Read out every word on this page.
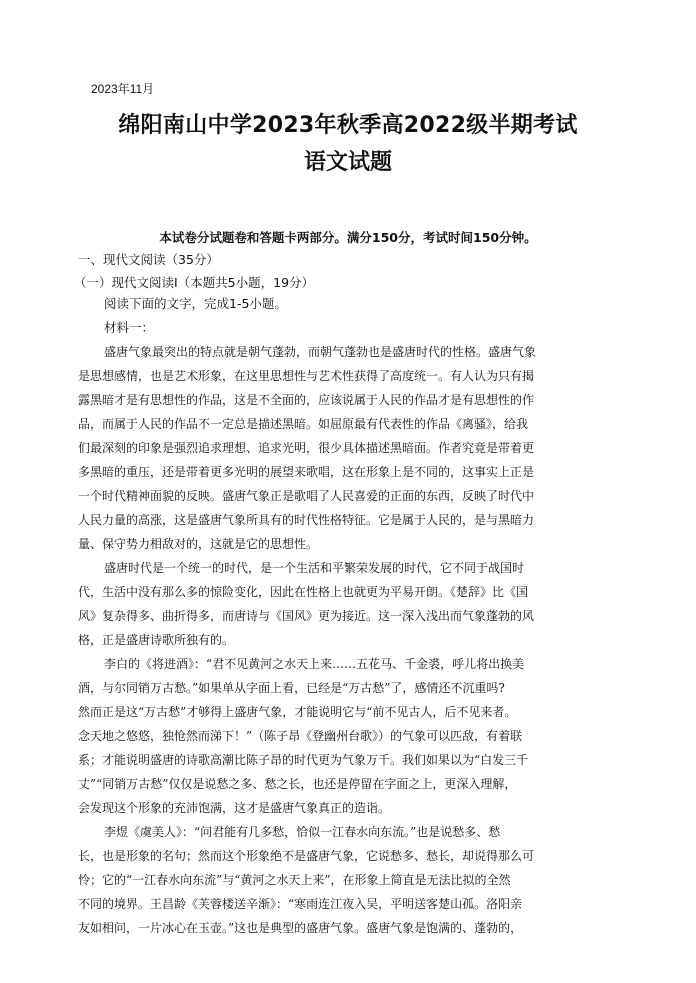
2023年11月
绵阳南山中学2023年秋季高2022级半期考试
语文试题
本试卷分试题卷和答题卡两部分。满分150分，考试时间150分钟。
一、现代文阅读（35分）
（一）现代文阅读Ⅰ（本题共5小题，19分）
阅读下面的文字，完成1-5小题。
材料一：
盛唐气象最突出的特点就是朝气蓬勃，而朝气蓬勃也是盛唐时代的性格。盛唐气象
是思想感情，也是艺术形象，在这里思想性与艺术性获得了高度统一。有人认为只有揭
露黑暗才是有思想性的作品，这是不全面的，应该说属于人民的作品才是有思想性的作
品，而属于人民的作品不一定总是描述黑暗。如屈原最有代表性的作品《离骚》，给我
们最深刻的印象是强烈追求理想、追求光明，很少具体描述黑暗面。作者究竟是带着更
多黑暗的重压，还是带着更多光明的展望来歌唱，这在形象上是不同的，这事实上正是
一个时代精神面貌的反映。盛唐气象正是歌唱了人民喜爱的正面的东西，反映了时代中
人民力量的高涨，这是盛唐气象所具有的时代性格特征。它是属于人民的，是与黑暗力
量、保守势力相敌对的，这就是它的思想性。
盛唐时代是一个统一的时代，是一个生活和平繁荣发展的时代，它不同于战国时
代，生活中没有那么多的惊险变化，因此在性格上也就更为平易开朗。《楚辞》比《国
风》复杂得多、曲折得多，而唐诗与《国风》更为接近。这一深入浅出而气象蓬勃的风
格，正是盛唐诗歌所独有的。
李白的《将进酒》：“君不见黄河之水天上来……五花马、千金裘，呼儿将出换美
酒，与尔同销万古愁。”如果单从字面上看，已经是“万古愁”了，感情还不沉重吗?
然而正是这“万古愁”才够得上盛唐气象，才能说明它与“前不见古人，后不见来者。
念天地之悠悠，独怆然而涕下！”（陈子昂《登幽州台歌》）的气象可以匹敌，有着联
系；才能说明盛唐的诗歌高潮比陈子昂的时代更为气象万千。我们如果以为“白发三千
丈”“同销万古愁”仅仅是说愁之多、愁之长，也还是停留在字面之上，更深入理解，
会发现这个形象的充沛饱满，这才是盛唐气象真正的造诣。
李煜《虞美人》：“问君能有几多愁，恰似一江春水向东流。”也是说愁多、愁
长，也是形象的名句；然而这个形象绝不是盛唐气象，它说愁多、愁长，却说得那么可
怜；它的“一江春水向东流”与“黄河之水天上来”，在形象上简直是无法比拟的全然
不同的境界。王昌龄《芙蓉楼送辛渐》：“寒雨连江夜入吴，平明送客楚山孤。洛阳亲
友如相问，一片冰心在玉壶。”这也是典型的盛唐气象。盛唐气象是饱满的、蓬勃的，
